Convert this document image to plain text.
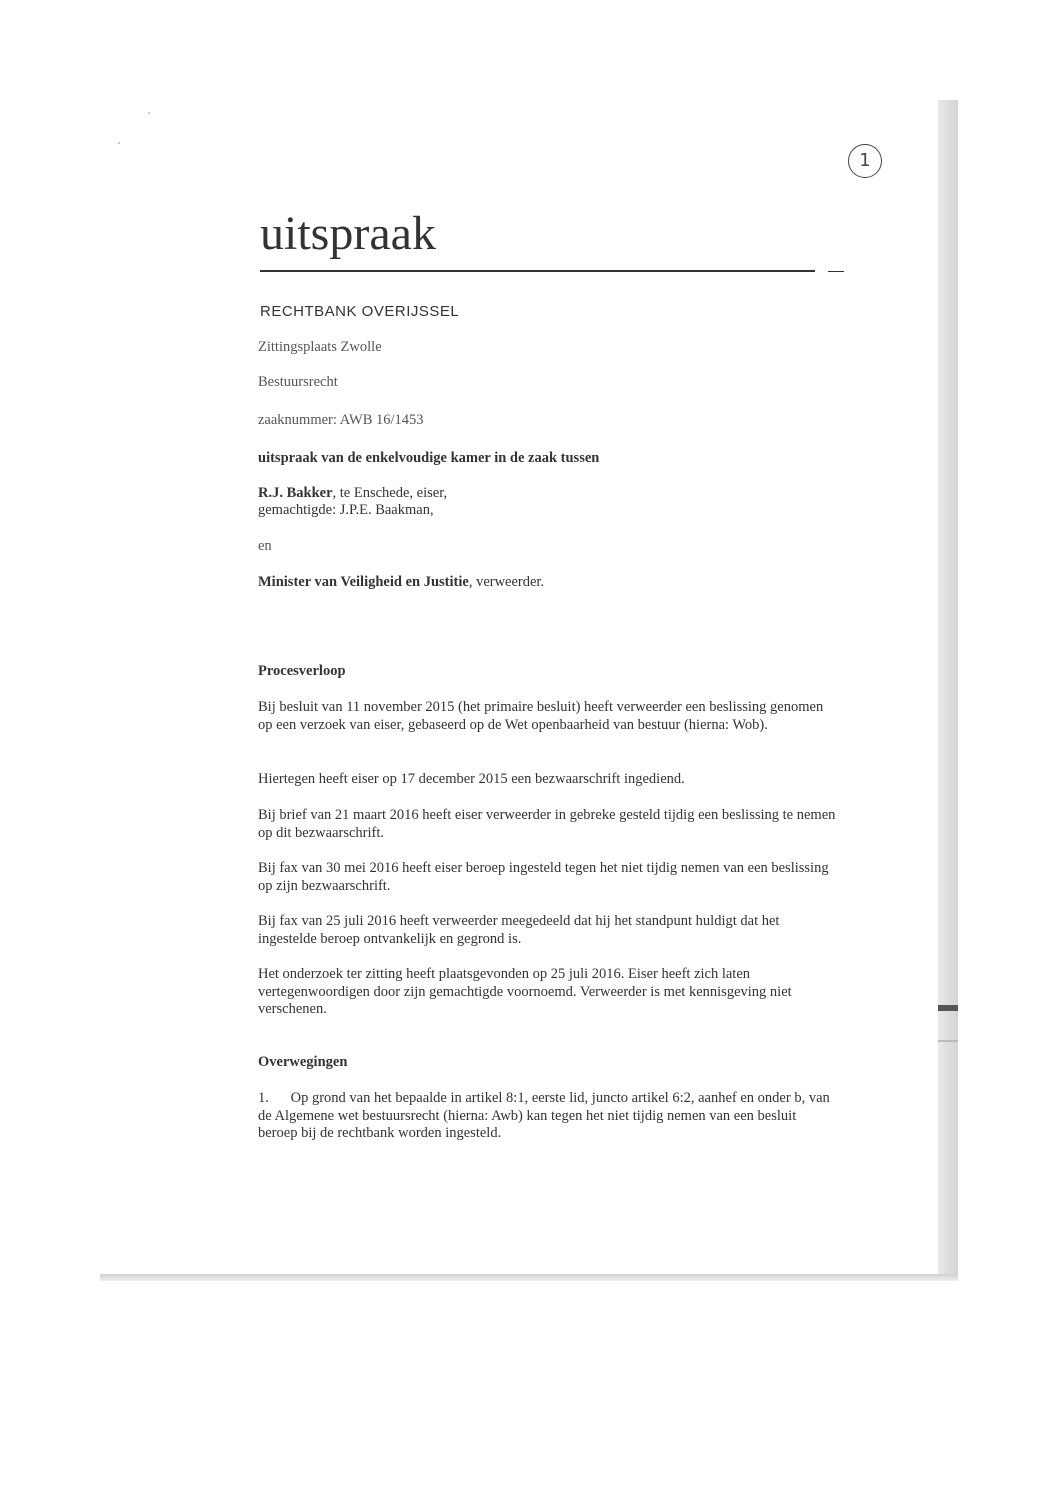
1
uitspraak
RECHTBANK OVERIJSSEL

Zittingsplaats Zwolle

Bestuursrecht

zaaknummer: AWB 16/1453

uitspraak van de enkelvoudige kamer in de zaak tussen

R.J. Bakker, te Enschede, eiser,

gemachtigde: J.P.E. Baakman,

en

Minister van Veiligheid en Justitie, verweerder.

Procesverloop

Bij besluit van 11 november 2015 (het primaire besluit) heeft verweerder een beslissing genomen op een verzoek van eiser, gebaseerd op de Wet openbaarheid van bestuur (hierna: Wob).

Hiertegen heeft eiser op 17 december 2015 een bezwaarschrift ingediend.

Bij brief van 21 maart 2016 heeft eiser verweerder in gebreke gesteld tijdig een beslissing te nemen op dit bezwaarschrift.

Bij fax van 30 mei 2016 heeft eiser beroep ingesteld tegen het niet tijdig nemen van een beslissing op zijn bezwaarschrift.

Bij fax van 25 juli 2016 heeft verweerder meegedeeld dat hij het standpunt huldigt dat het ingestelde beroep ontvankelijk en gegrond is.

Het onderzoek ter zitting heeft plaatsgevonden op 25 juli 2016. Eiser heeft zich laten vertegenwoordigen door zijn gemachtigde voornoemd. Verweerder is met kennisgeving niet verschenen.

Overwegingen

1. Op grond van het bepaalde in artikel 8:1, eerste lid, juncto artikel 6:2, aanhef en onder b, van de Algemene wet bestuursrecht (hierna: Awb) kan tegen het niet tijdig nemen van een besluit beroep bij de rechtbank worden ingesteld.
